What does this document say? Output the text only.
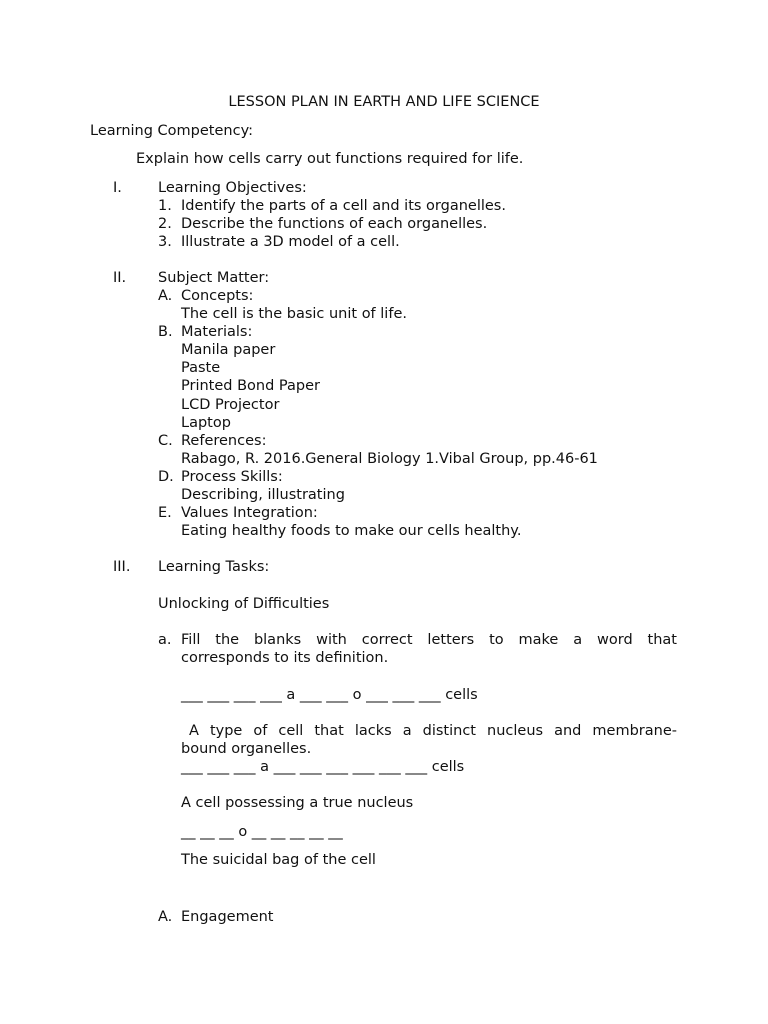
LESSON PLAN IN EARTH AND LIFE SCIENCE
Learning Competency:
Explain how cells carry out functions required for life.
I. Learning Objectives:
1. Identify the parts of a cell and its organelles.
2. Describe the functions of each organelles.
3. Illustrate a 3D model of a cell.
II. Subject Matter:
A. Concepts:
The cell is the basic unit of life.
B. Materials:
Manila paper
Paste
Printed Bond Paper
LCD Projector
Laptop
C. References:
Rabago, R. 2016.General Biology 1.Vibal Group, pp.46-61
D. Process Skills:
Describing, illustrating
E. Values Integration:
Eating healthy foods to make our cells healthy.
III. Learning Tasks:
Unlocking of Difficulties
a. Fill the blanks with correct letters to make a word that
corresponds to its definition.
___ ___ ___ ___ a ___ ___ o ___ ___ ___ cells
A type of cell that lacks a distinct nucleus and membrane-
bound organelles.
___ ___ ___ a ___ ___ ___ ___ ___ ___ cells
A cell possessing a true nucleus
__ __ __ o __ __ __ __ __
The suicidal bag of the cell
A. Engagement
